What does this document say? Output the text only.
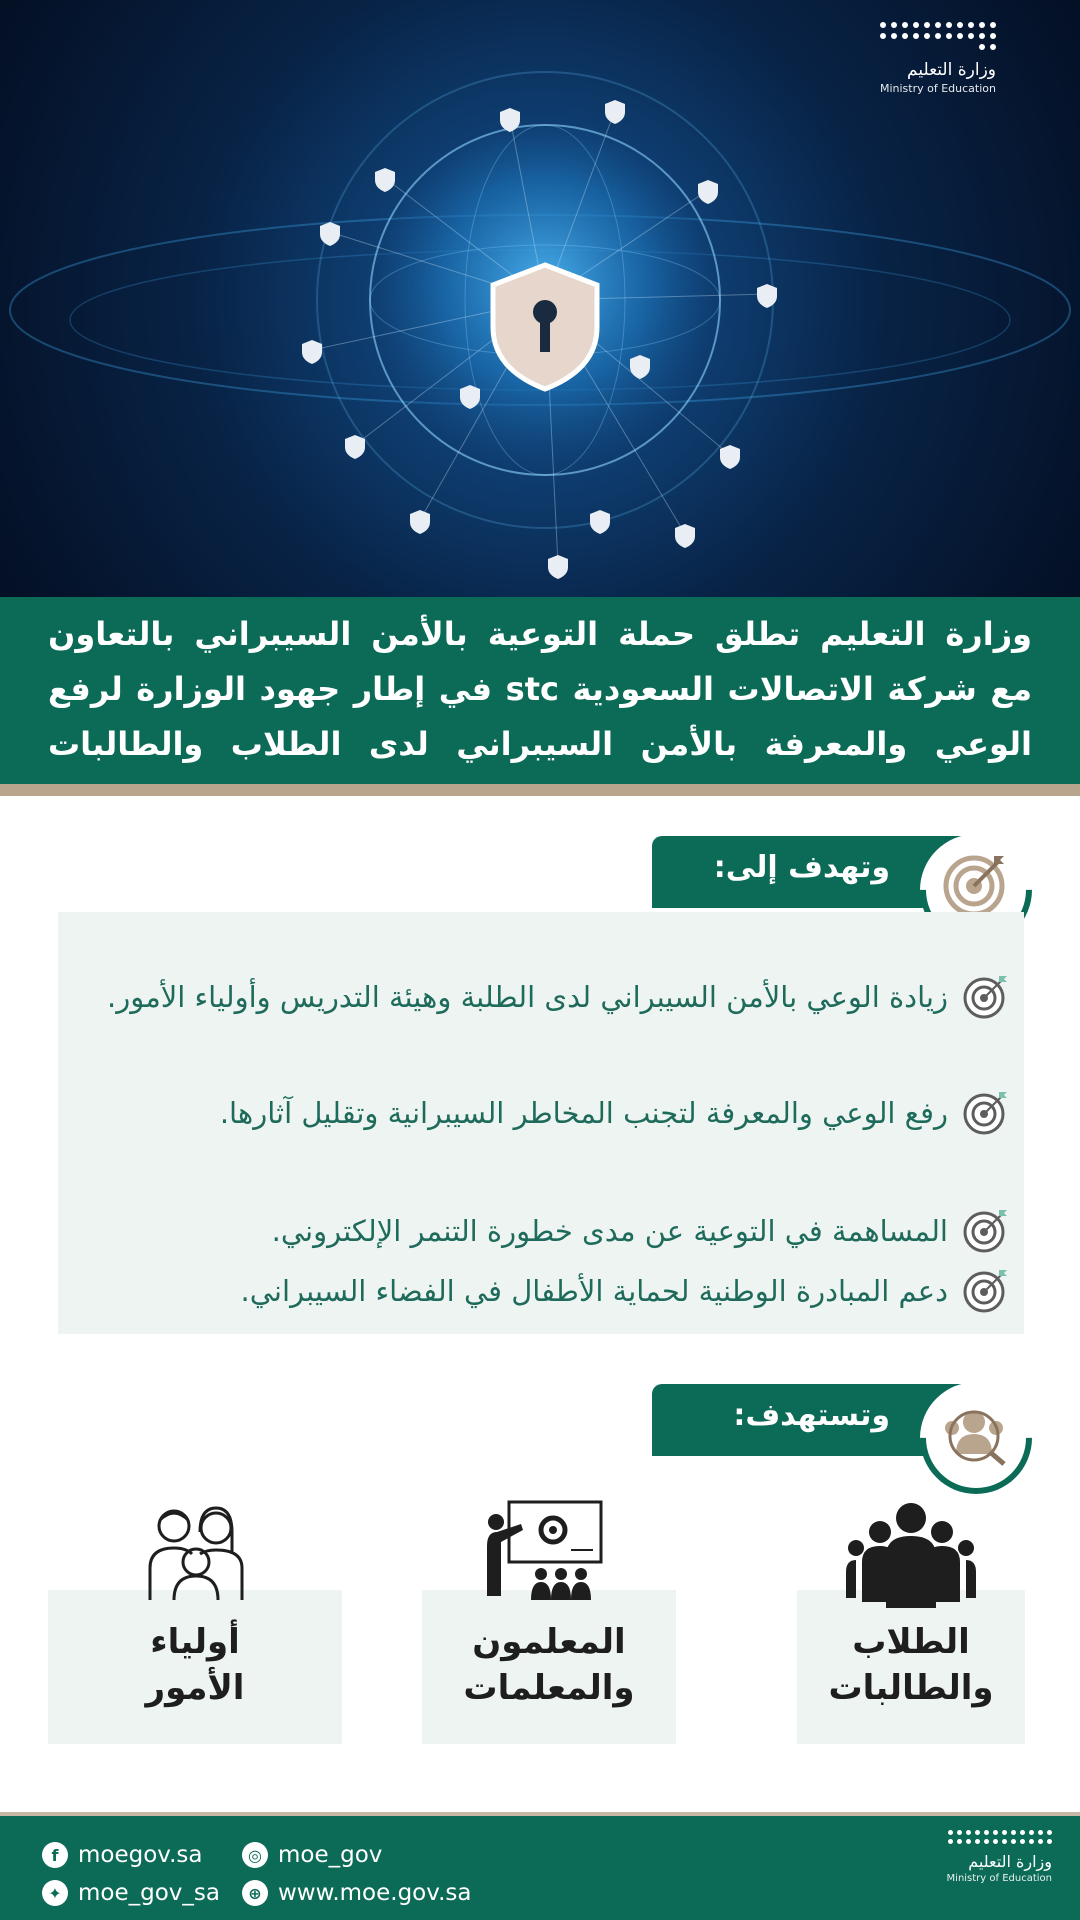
وزارة التعليم
Ministry of Education
وزارة التعليم تطلق حملة التوعية بالأمن السيبراني بالتعاون
مع شركة الاتصالات السعودية stc في إطار جهود الوزارة لرفع
الوعي والمعرفة بالأمن السيبراني لدى الطلاب والطالبات
وتهدف إلى:
زيادة الوعي بالأمن السيبراني لدى الطلبة وهيئة التدريس وأولياء الأمور.
رفع الوعي والمعرفة لتجنب المخاطر السيبرانية وتقليل آثارها.
المساهمة في التوعية عن مدى خطورة التنمر الإلكتروني.
دعم المبادرة الوطنية لحماية الأطفال في الفضاء السيبراني.
وتستهدف:
الطلاب
والطالبات
المعلمون
والمعلمات
أولياء
الأمور
f moegov.sa	◎ moe_gov
✦ moe_gov_sa	⊕ www.moe.gov.sa
وزارة التعليم
Ministry of Education
